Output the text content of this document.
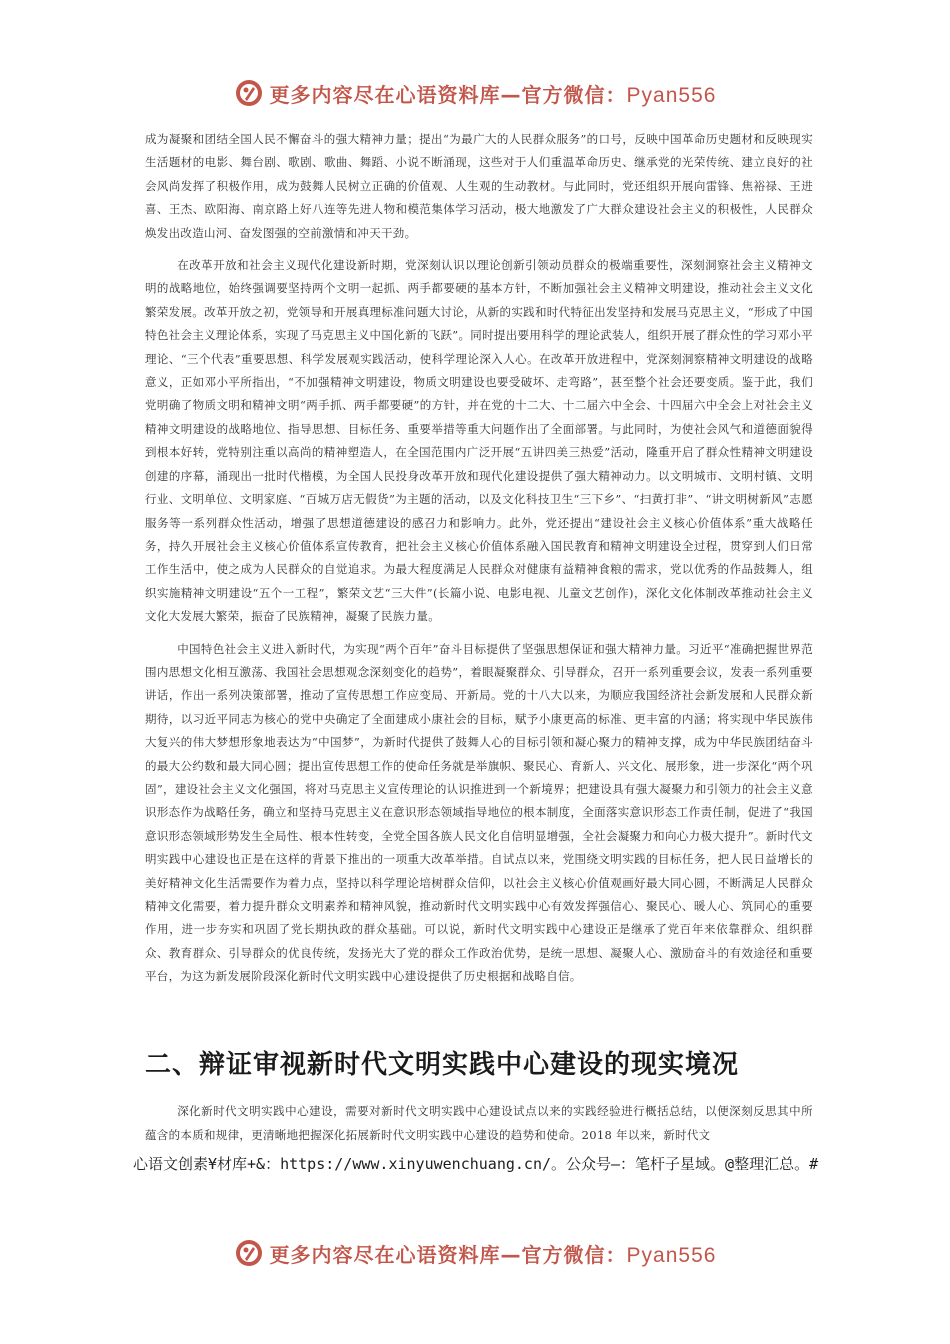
更多内容尽在心语资料库—官方微信：Pyan556

成为凝聚和团结全国人民不懈奋斗的强大精神力量；提出“为最广大的人民群众服务”的口号，反映中国革命历史题材和反映现实生活题材的电影、舞台剧、歌剧、歌曲、舞蹈、小说不断涌现，这些对于人们重温革命历史、继承党的光荣传统、建立良好的社会风尚发挥了积极作用，成为鼓舞人民树立正确的价值观、人生观的生动教材。与此同时，党还组织开展向雷锋、焦裕禄、王进喜、王杰、欧阳海、南京路上好八连等先进人物和模范集体学习活动，极大地激发了广大群众建设社会主义的积极性，人民群众焕发出改造山河、奋发图强的空前激情和冲天干劲。

在改革开放和社会主义现代化建设新时期，党深刻认识以理论创新引领动员群众的极端重要性，深刻洞察社会主义精神文明的战略地位，始终强调要坚持两个文明一起抓、两手都要硬的基本方针，不断加强社会主义精神文明建设，推动社会主义文化繁荣发展。改革开放之初，党领导和开展真理标准问题大讨论，从新的实践和时代特征出发坚持和发展马克思主义，“形成了中国特色社会主义理论体系，实现了马克思主义中国化新的飞跃”。同时提出要用科学的理论武装人，组织开展了群众性的学习邓小平理论、“三个代表”重要思想、科学发展观实践活动，使科学理论深入人心。在改革开放进程中，党深刻洞察精神文明建设的战略意义，正如邓小平所指出，“不加强精神文明建设，物质文明建设也要受破坏、走弯路”，甚至整个社会还要变质。鉴于此，我们党明确了物质文明和精神文明“两手抓、两手都要硬”的方针，并在党的十二大、十二届六中全会、十四届六中全会上对社会主义精神文明建设的战略地位、指导思想、目标任务、重要举措等重大问题作出了全面部署。与此同时，为使社会风气和道德面貌得到根本好转，党特别注重以高尚的精神塑造人，在全国范围内广泛开展“五讲四美三热爱”活动，隆重开启了群众性精神文明建设创建的序幕，涌现出一批时代楷模，为全国人民投身改革开放和现代化建设提供了强大精神动力。以文明城市、文明村镇、文明行业、文明单位、文明家庭、“百城万店无假货”为主题的活动，以及文化科技卫生“三下乡”、“扫黄打非”、“讲文明树新风”志愿服务等一系列群众性活动，增强了思想道德建设的感召力和影响力。此外，党还提出“建设社会主义核心价值体系”重大战略任务，持久开展社会主义核心价值体系宣传教育，把社会主义核心价值体系融入国民教育和精神文明建设全过程，贯穿到人们日常工作生活中，使之成为人民群众的自觉追求。为最大程度满足人民群众对健康有益精神食粮的需求，党以优秀的作品鼓舞人，组织实施精神文明建设“五个一工程”，繁荣文艺“三大件”(长篇小说、电影电视、儿童文艺创作)，深化文化体制改革推动社会主义文化大发展大繁荣，振奋了民族精神，凝聚了民族力量。

中国特色社会主义进入新时代，为实现“两个百年”奋斗目标提供了坚强思想保证和强大精神力量。习近平“准确把握世界范围内思想文化相互激荡、我国社会思想观念深刻变化的趋势”，着眼凝聚群众、引导群众，召开一系列重要会议，发表一系列重要讲话，作出一系列决策部署，推动了宣传思想工作应变局、开新局。党的十八大以来，为顺应我国经济社会新发展和人民群众新期待，以习近平同志为核心的党中央确定了全面建成小康社会的目标，赋予小康更高的标准、更丰富的内涵；将实现中华民族伟大复兴的伟大梦想形象地表达为“中国梦”，为新时代提供了鼓舞人心的目标引领和凝心聚力的精神支撑，成为中华民族团结奋斗的最大公约数和最大同心圆；提出宣传思想工作的使命任务就是举旗帜、聚民心、育新人、兴文化、展形象，进一步深化“两个巩固”，建设社会主义文化强国，将对马克思主义宣传理论的认识推进到一个新境界；把建设具有强大凝聚力和引领力的社会主义意识形态作为战略任务，确立和坚持马克思主义在意识形态领域指导地位的根本制度，全面落实意识形态工作责任制，促进了“我国意识形态领域形势发生全局性、根本性转变，全党全国各族人民文化自信明显增强，全社会凝聚力和向心力极大提升”。新时代文明实践中心建设也正是在这样的背景下推出的一项重大改革举措。自试点以来，党围绕文明实践的目标任务，把人民日益增长的美好精神文化生活需要作为着力点，坚持以科学理论培树群众信仰，以社会主义核心价值观画好最大同心圆，不断满足人民群众精神文化需要，着力提升群众文明素养和精神风貌，推动新时代文明实践中心有效发挥强信心、聚民心、暖人心、筑同心的重要作用，进一步夯实和巩固了党长期执政的群众基础。可以说，新时代文明实践中心建设正是继承了党百年来依靠群众、组织群众、教育群众、引导群众的优良传统，发扬光大了党的群众工作政治优势，是统一思想、凝聚人心、激励奋斗的有效途径和重要平台，为这为新发展阶段深化新时代文明实践中心建设提供了历史根据和战略自信。

二、辩证审视新时代文明实践中心建设的现实境况

深化新时代文明实践中心建设，需要对新时代文明实践中心建设试点以来的实践经验进行概括总结，以便深刻反思其中所蕴含的本质和规律，更清晰地把握深化拓展新时代文明实践中心建设的趋势和使命。2018 年以来，新时代文

心语文创素¥材库+&：https://www.xinyuwenchuang.cn/。公众号—：笔杆子星域。@整理汇总。#

更多内容尽在心语资料库—官方微信：Pyan556
